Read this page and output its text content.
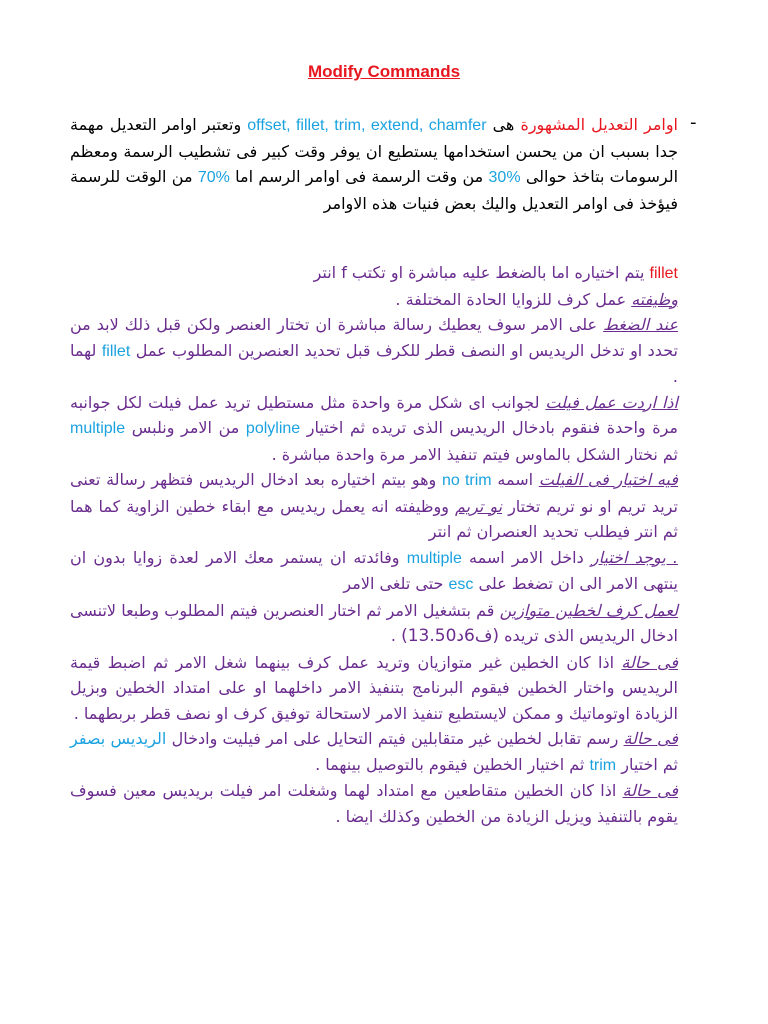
Modify Commands
-

اوامر التعديل المشهورة هى offset, fillet, trim, extend, chamfer وتعتبر اوامر التعديل مهمة جدا بسبب ان من يحسن استخدامها يستطيع ان يوفر وقت كبير فى تشطيب الرسمة ومعظم الرسومات بتاخذ حوالى 30% من وقت الرسمة فى اوامر الرسم اما 70% من الوقت للرسمة فيؤخذ فى اوامر التعديل واليك بعض فنيات هذه الاوامر

fillet يتم اختياره اما بالضغط عليه مباشرة او تكتب f انتر

وظيفته عمل كرف للزوايا الحادة المختلفة .

عند الضغط على الامر سوف يعطيك رسالة مباشرة ان تختار العنصر ولكن قبل ذلك لابد من تحدد او تدخل الريديس او النصف قطر للكرف قبل تحديد العنصرين المطلوب عمل fillet لهما .

اذا اردت عمل فيلت لجوانب اى شكل مرة واحدة مثل مستطيل تريد عمل فيلت لكل جوانبه مرة واحدة فنقوم بادخال الريديس الذى تريده ثم اختيار polyline من الامر ونلبس multiple ثم نختار الشكل بالماوس فيتم تنفيذ الامر مرة واحدة مباشرة .

فيه اختيار فى الفيلت اسمه no trim وهو بيتم اختياره بعد ادخال الريديس فتظهر رسالة تعنى تريد تريم او نو تريم تختار نو تريم ووظيفته انه يعمل ريديس مع ابقاء خطين الزاوية كما هما ثم انتر فيطلب تحديد العنصران ثم انتر

. يوجد اختيار داخل الامر اسمه multiple وفائدته ان يستمر معك الامر لعدة زوايا بدون ان ينتهى الامر الى ان تضغط على esc حتى تلغى الامر

لعمل كرف لخطين متوازين قم بتشغيل الامر ثم اختار العنصرين فيتم المطلوب وطبعا لاتنسى ادخال الريديس الذى تريده (ف6د13.50) .

فى حالة اذا كان الخطين غير متوازيان وتريد عمل كرف بينهما شغل الامر ثم اضبط قيمة الريديس واختار الخطين فيقوم البرنامج بتنفيذ الامر داخلهما او على امتداد الخطين وبزيل الزيادة اوتوماتيك و ممكن لايستطيع تنفيذ الامر لاستحالة توفيق كرف او نصف قطر بربطهما .

فى حالة رسم تقابل لخطين غير متقابلين فيتم التحايل على امر فيليت وادخال الريديس بصفر ثم اختيار trim ثم اختيار الخطين فيقوم بالتوصيل بينهما .

فى حالة اذا كان الخطين متقاطعين مع امتداد لهما وشغلت امر فيلت بريديس معين فسوف يقوم بالتنفيذ ويزيل الزيادة من الخطين وكذلك ايضا .
